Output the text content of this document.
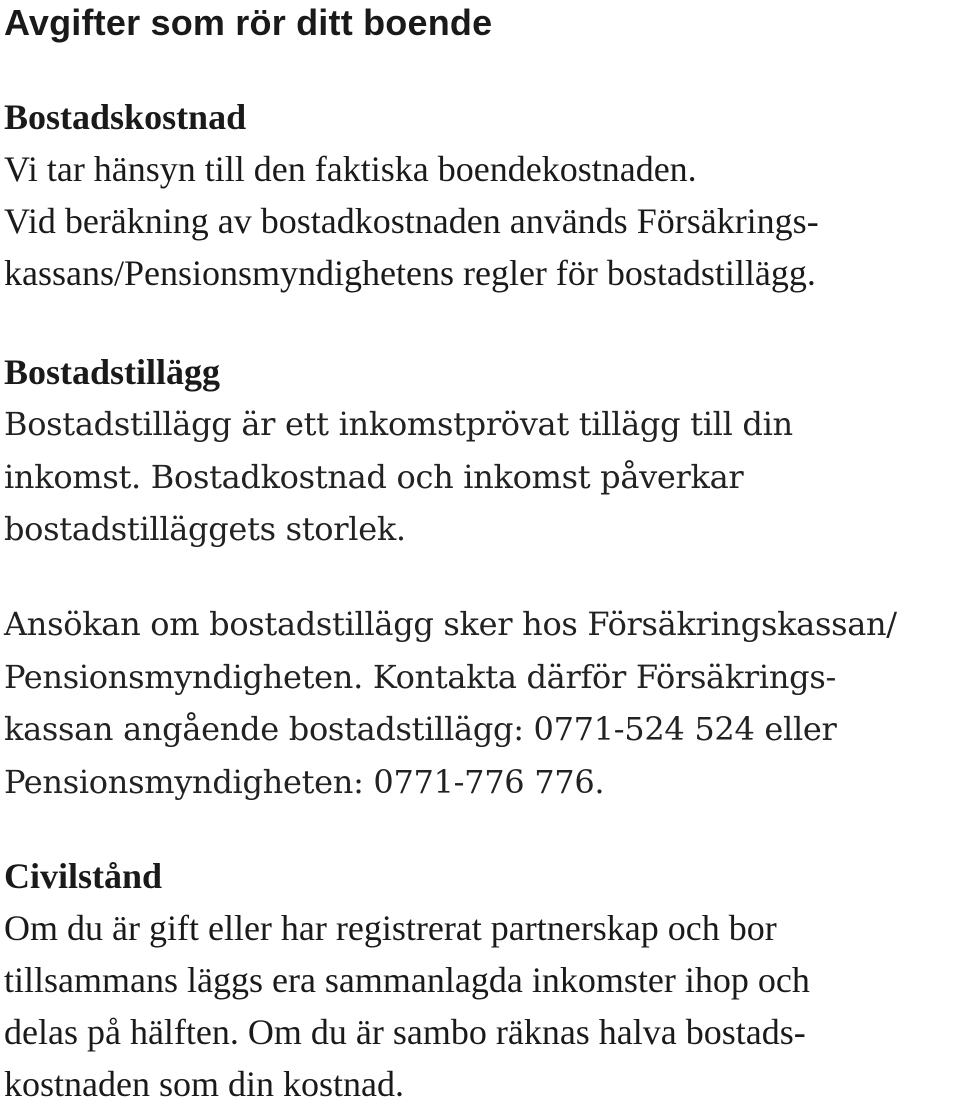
Avgifter som rör ditt boende
Bostadskostnad

Vi tar hänsyn till den faktiska boendekostnaden.
Vid beräkning av bostadkostnaden används Försäkrings-
kassans/Pensionsmyndighetens regler för bostadstillägg.

Bostadstillägg

Bostadstillägg är ett inkomstprövat tillägg till din
inkomst. Bostadkostnad och inkomst påverkar
bostadstilläggets storlek.

Ansökan om bostadstillägg sker hos Försäkringskassan/
Pensionsmyndigheten. Kontakta därför Försäkrings-
kassan angående bostadstillägg: 0771-524 524 eller
Pensionsmyndigheten: 0771-776 776.

Civilstånd

Om du är gift eller har registrerat partnerskap och bor
tillsammans läggs era sammanlagda inkomster ihop och
delas på hälften. Om du är sambo räknas halva bostads-
kostnaden som din kostnad.
